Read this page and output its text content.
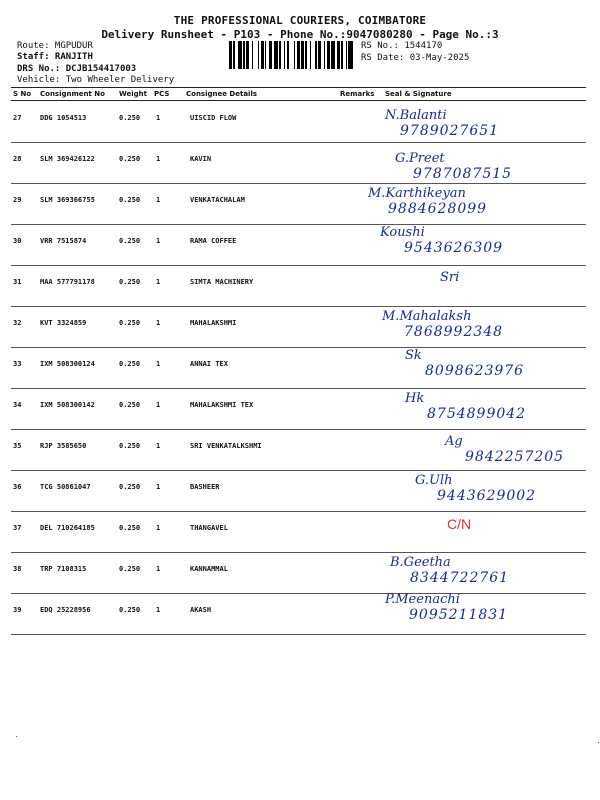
THE PROFESSIONAL COURIERS, COIMBATORE
Delivery Runsheet - P103 - Phone No.:9047080280 - Page No.:3
Route: MGPUDUR
Staff: RANJITH
DRS No.: DCJB154417003
Vehicle: Two Wheeler Delivery
RS No.: 1544170
RS Date: 03-May-2025
S No Consignment No Weight PCS Consignee Details	Remarks Seal & Signature
27	DDG 1054513	0.250 1	UISCID FLOW	N.Balanti
9789027651
28	SLM 369426122	0.250 1	KAVIN	G.Preet
9787087515
29	SLM 369366755	0.250 1	VENKATACHALAM	M.Karthikeyan
9884628099
30	VRR 7515874	0.250 1	RAMA COFFEE
Koushi
9543626309
31	MAA 577791178	0.250 1	SIMTA MACHINERY	Sri
32	KVT 3324859	0.250 1	MAHALAKSHMI	M.Mahalaksh
7868992348
33	IXM 508300124	0.250 1	ANNAI TEX
Sk
8098623976
34	IXM 508300142	0.250 1	MAHALAKSHMI TEX	Hk
8754899042
35	RJP 3585650	0.250 1	SRI VENKATALKSHMI	Ag
9842257205
36	TCG 50861047	0.250 1	BASHEER	G.Ulh
9443629002
37	DEL 710264185	0.250 1	THANGAVEL	C/N
38	TRP 7108315	0.250 1	KANNAMMAL	B.Geetha
8344722761
39	EDQ 25228956	0.250 1	AKASH
P.Meenachi
9095211831
